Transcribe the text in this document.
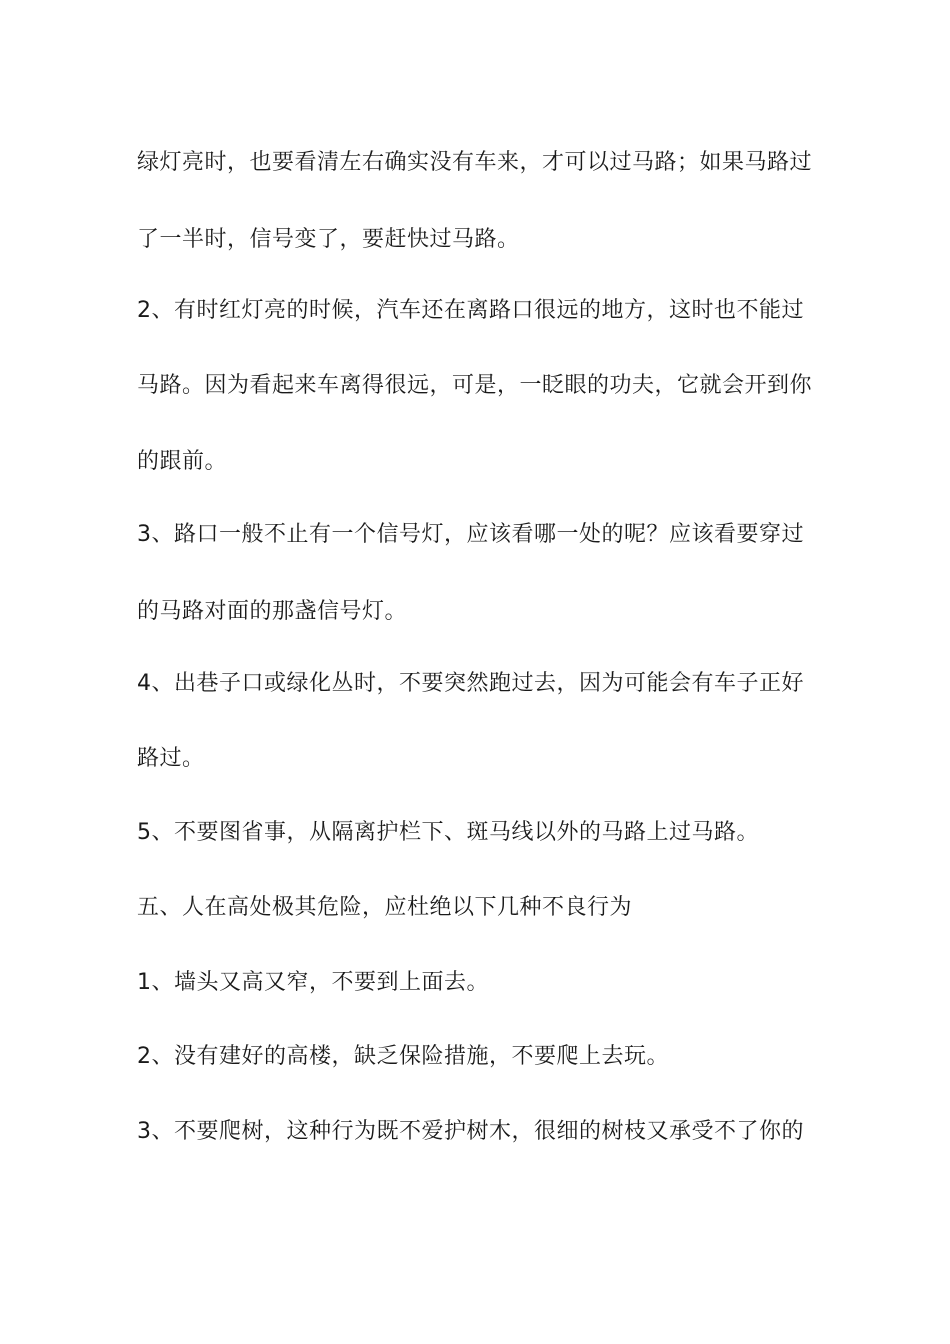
绿灯亮时，也要看清左右确实没有车来，才可以过马路；如果马路过
了一半时，信号变了，要赶快过马路。
2、有时红灯亮的时候，汽车还在离路口很远的地方，这时也不能过
马路。因为看起来车离得很远，可是，一眨眼的功夫，它就会开到你
的跟前。
3、路口一般不止有一个信号灯，应该看哪一处的呢？应该看要穿过
的马路对面的那盏信号灯。
4、出巷子口或绿化丛时，不要突然跑过去，因为可能会有车子正好
路过。
5、不要图省事，从隔离护栏下、斑马线以外的马路上过马路。
五、人在高处极其危险，应杜绝以下几种不良行为
1、墙头又高又窄，不要到上面去。
2、没有建好的高楼，缺乏保险措施，不要爬上去玩。
3、不要爬树，这种行为既不爱护树木，很细的树枝又承受不了你的
